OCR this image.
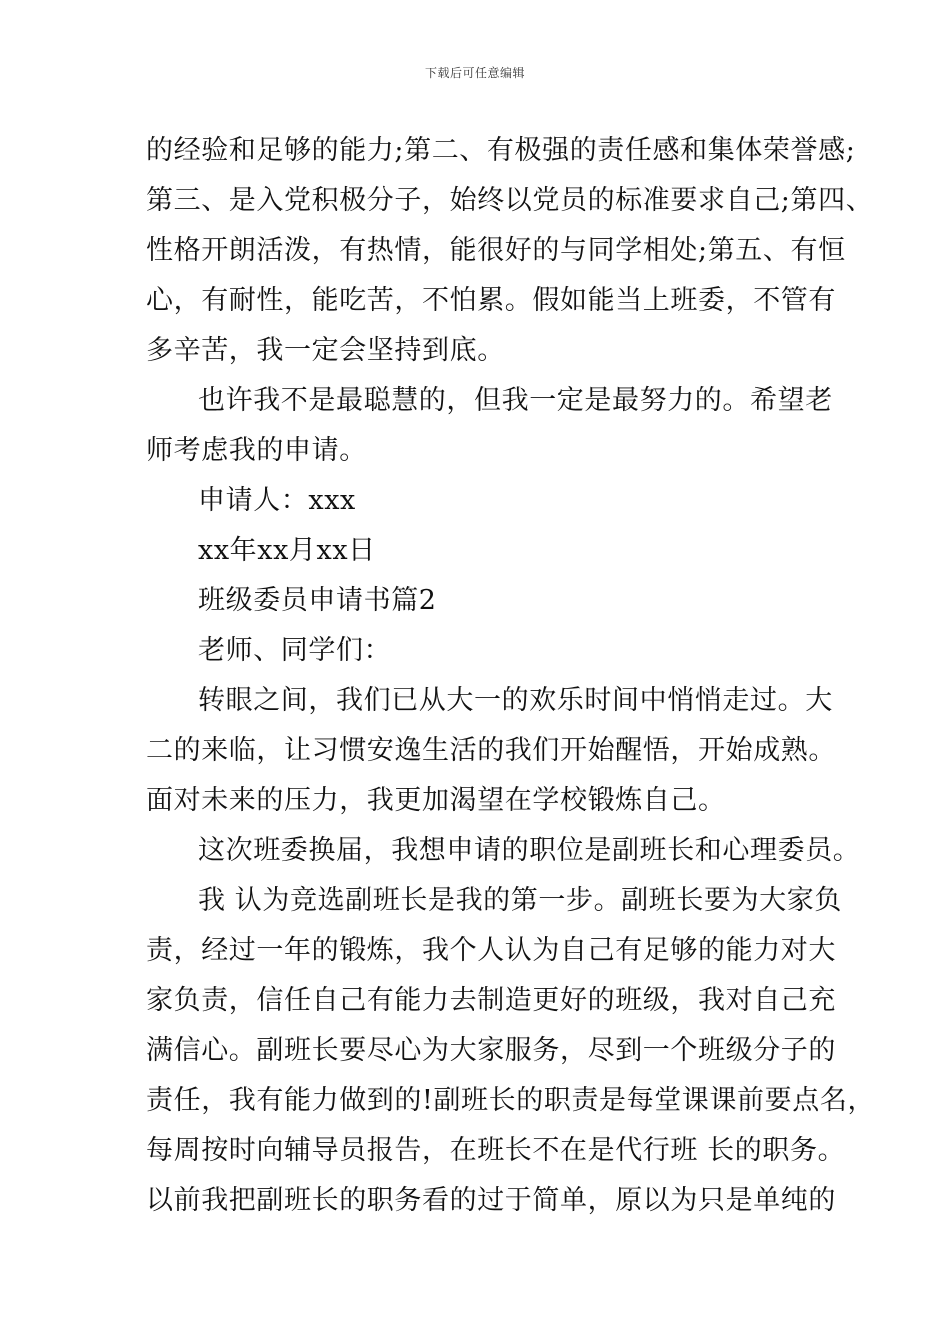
下载后可任意编辑
的经验和足够的能力;第二、有极强的责任感和集体荣誉感;
第三、是入党积极分子，始终以党员的标准要求自己;第四、
性格开朗活泼，有热情，能很好的与同学相处;第五、有恒
心，有耐性，能吃苦，不怕累。假如能当上班委，不管有
多辛苦，我一定会坚持到底。
也许我不是最聪慧的，但我一定是最努力的。希望老
师考虑我的申请。
申请人：xxx
xx年xx月xx日
班级委员申请书篇2
老师、同学们：
转眼之间，我们已从大一的欢乐时间中悄悄走过。大
二的来临，让习惯安逸生活的我们开始醒悟，开始成熟。
面对未来的压力，我更加渴望在学校锻炼自己。
这次班委换届，我想申请的职位是副班长和心理委员。
我 认为竞选副班长是我的第一步。副班长要为大家负
责，经过一年的锻炼，我个人认为自己有足够的能力对大
家负责，信任自己有能力去制造更好的班级，我对自己充
满信心。副班长要尽心为大家服务，尽到一个班级分子的
责任，我有能力做到的!副班长的职责是每堂课课前要点名，
每周按时向辅导员报告，在班长不在是代行班 长的职务。
以前我把副班长的职务看的过于简单，原以为只是单纯的
